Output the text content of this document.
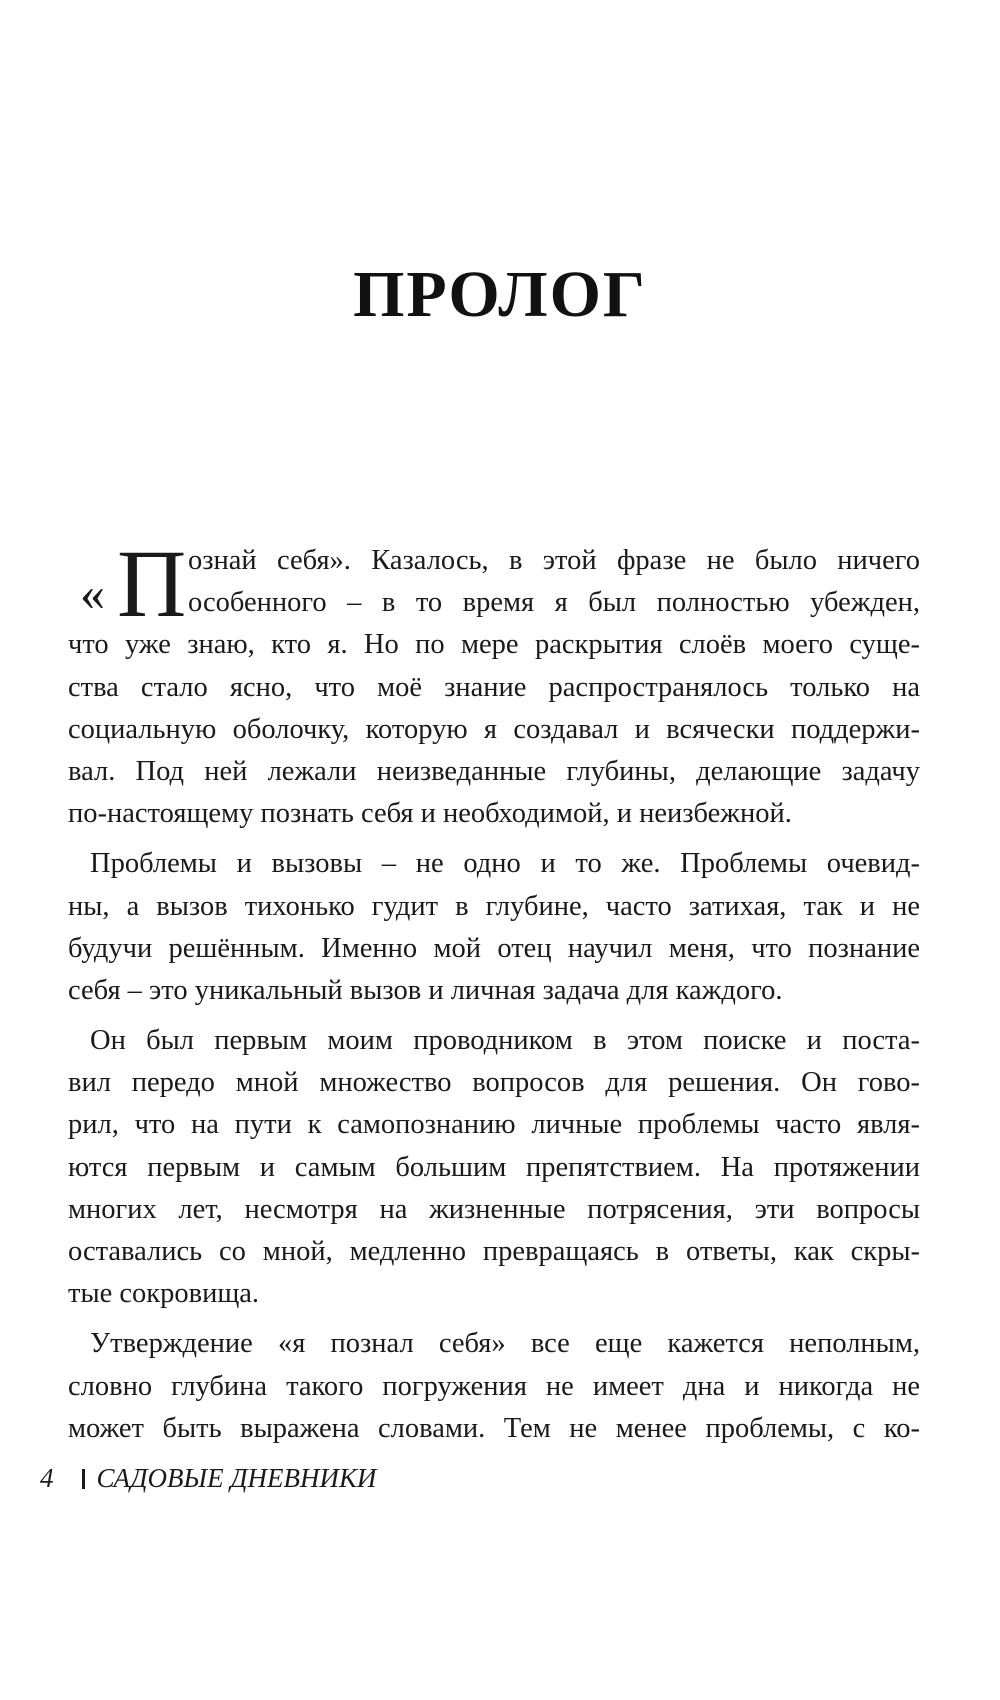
ПРОЛОГ
« П ознай себя». Казалось, в этой фразе не было ничего
особенного – в то время я был полностью убежден,
что уже знаю, кто я. Но по мере раскрытия слоёв моего суще-
ства стало ясно, что моё знание распространялось только на
социальную оболочку, которую я создавал и всячески поддержи-
вал. Под ней лежали неизведанные глубины, делающие задачу
по-настоящему познать себя и необходимой, и неизбежной.
Проблемы и вызовы – не одно и то же. Проблемы очевид-
ны, а вызов тихонько гудит в глубине, часто затихая, так и не
будучи решённым. Именно мой отец научил меня, что познание
себя – это уникальный вызов и личная задача для каждого.
Он был первым моим проводником в этом поиске и поста-
вил передо мной множество вопросов для решения. Он гово-
рил, что на пути к самопознанию личные проблемы часто явля-
ются первым и самым большим препятствием. На протяжении
многих лет, несмотря на жизненные потрясения, эти вопросы
оставались со мной, медленно превращаясь в ответы, как скры-
тые сокровища.
Утверждение «я познал себя» все еще кажется неполным,
словно глубина такого погружения не имеет дна и никогда не
может быть выражена словами. Тем не менее проблемы, с ко-
4 САДОВЫЕ ДНЕВНИКИ
